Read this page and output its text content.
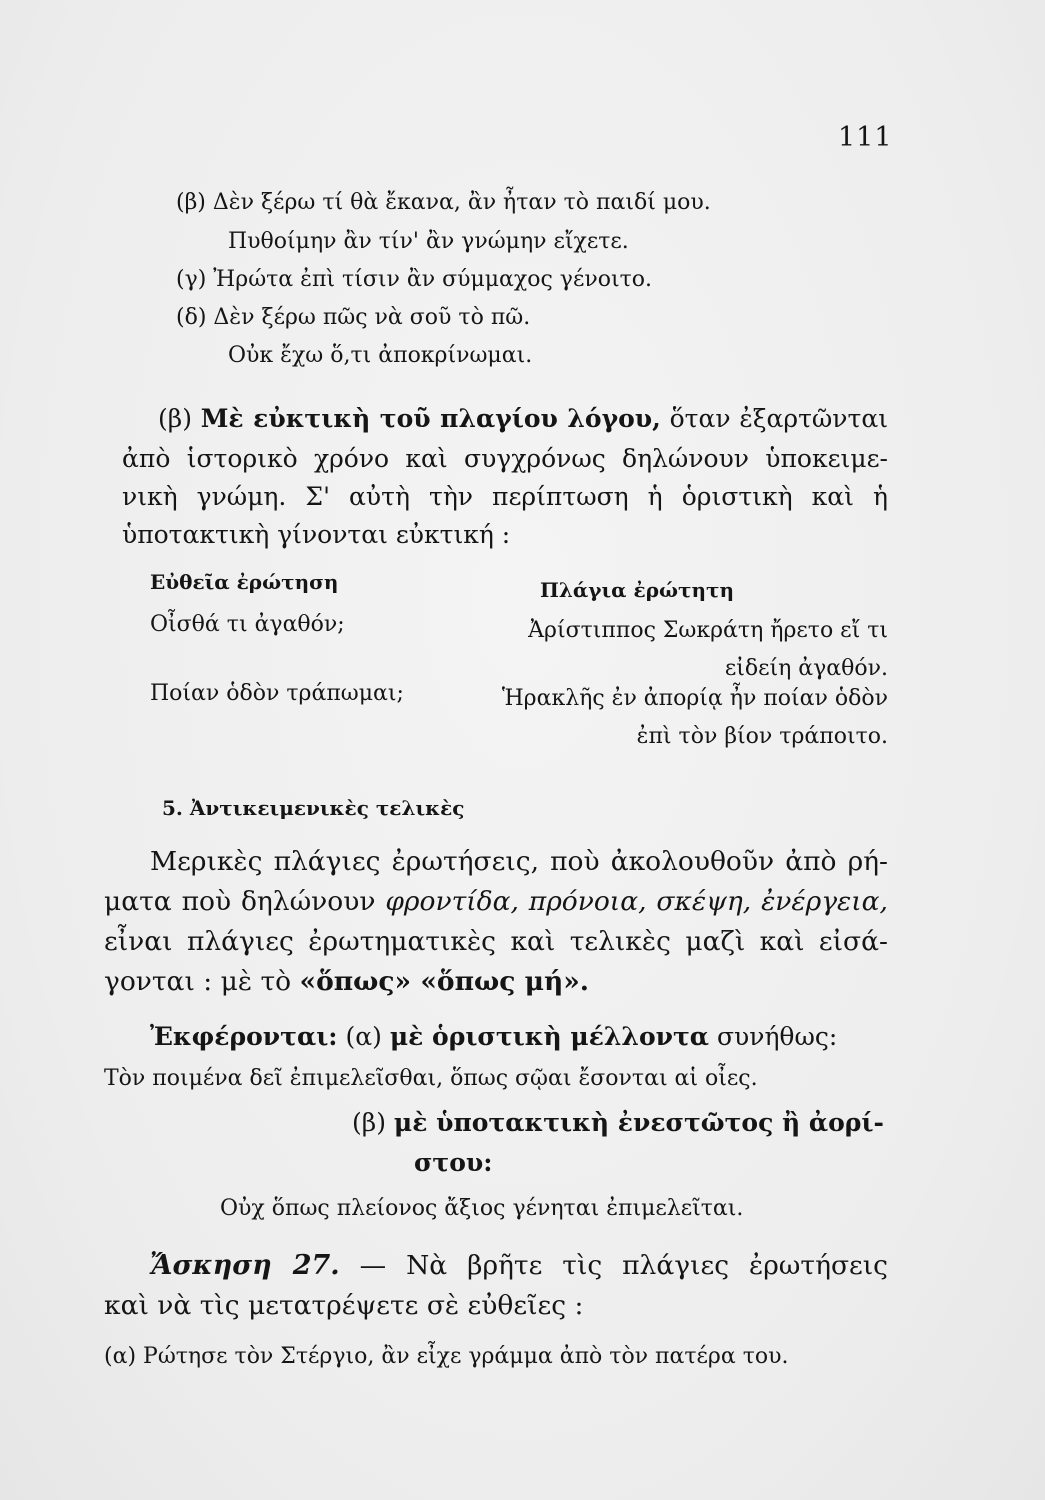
111
(β) Δὲν ξέρω τί θὰ ἔκανα, ἂν ἦταν τὸ παιδί μου.
Πυθοίμην ἂν τίν' ἂν γνώμην εἴχετε.
(γ) Ἠρώτα ἐπὶ τίσιν ἂν σύμμαχος γένοιτο.
(δ) Δὲν ξέρω πῶς νὰ σοῦ τὸ πῶ.
Οὐκ ἔχω ὅ,τι ἀποκρίνωμαι.
(β) Μὲ εὐκτικὴ τοῦ πλαγίου λόγου, ὅταν ἐξαρτῶνται
ἀπὸ ἱστορικὸ χρόνο καὶ συγχρόνως δηλώνουν ὑποκειμε-
νικὴ γνώμη. Σ' αὐτὴ τὴν περίπτωση ἡ ὁριστικὴ καὶ ἡ
ὑποτακτικὴ γίνονται εὐκτική :
Εὐθεῖα ἐρώτηση	Πλάγια ἐρώτητη
Οἶσθά τι ἀγαθόν;	Ἀρίστιππος Σωκράτη ἤρετο εἴ τι
εἰδείη ἀγαθόν.
Ποίαν ὁδὸν τράπωμαι;	Ἡρακλῆς ἐν ἀπορίᾳ ἦν ποίαν ὁδὸν
ἐπὶ τὸν βίον τράποιτο.
5. Ἀντικειμενικὲς τελικὲς
Μερικὲς πλάγιες ἐρωτήσεις, ποὺ ἀκολουθοῦν ἀπὸ ρή-
ματα ποὺ δηλώνουν φροντίδα, πρόνοια, σκέψη, ἐνέργεια,
εἶναι πλάγιες ἐρωτηματικὲς καὶ τελικὲς μαζὶ καὶ εἰσά-
γονται : μὲ τὸ «ὅπως» «ὅπως μή».
Ἐκφέρονται: (α) μὲ ὁριστικὴ μέλλοντα συνήθως:
Τὸν ποιμένα δεῖ ἐπιμελεῖσθαι, ὅπως σῷαι ἔσονται αἱ οἶες.
(β) μὲ ὑποτακτικὴ ἐνεστῶτος ἢ ἀορί-
στου:
Οὐχ ὅπως πλείονος ἄξιος γένηται ἐπιμελεῖται.
Ἄσκηση 27. — Νὰ βρῆτε τὶς πλάγιες ἐρωτήσεις
καὶ νὰ τὶς μετατρέψετε σὲ εὐθεῖες :
(α) Ρώτησε τὸν Στέργιο, ἂν εἶχε γράμμα ἀπὸ τὸν πατέρα του.
